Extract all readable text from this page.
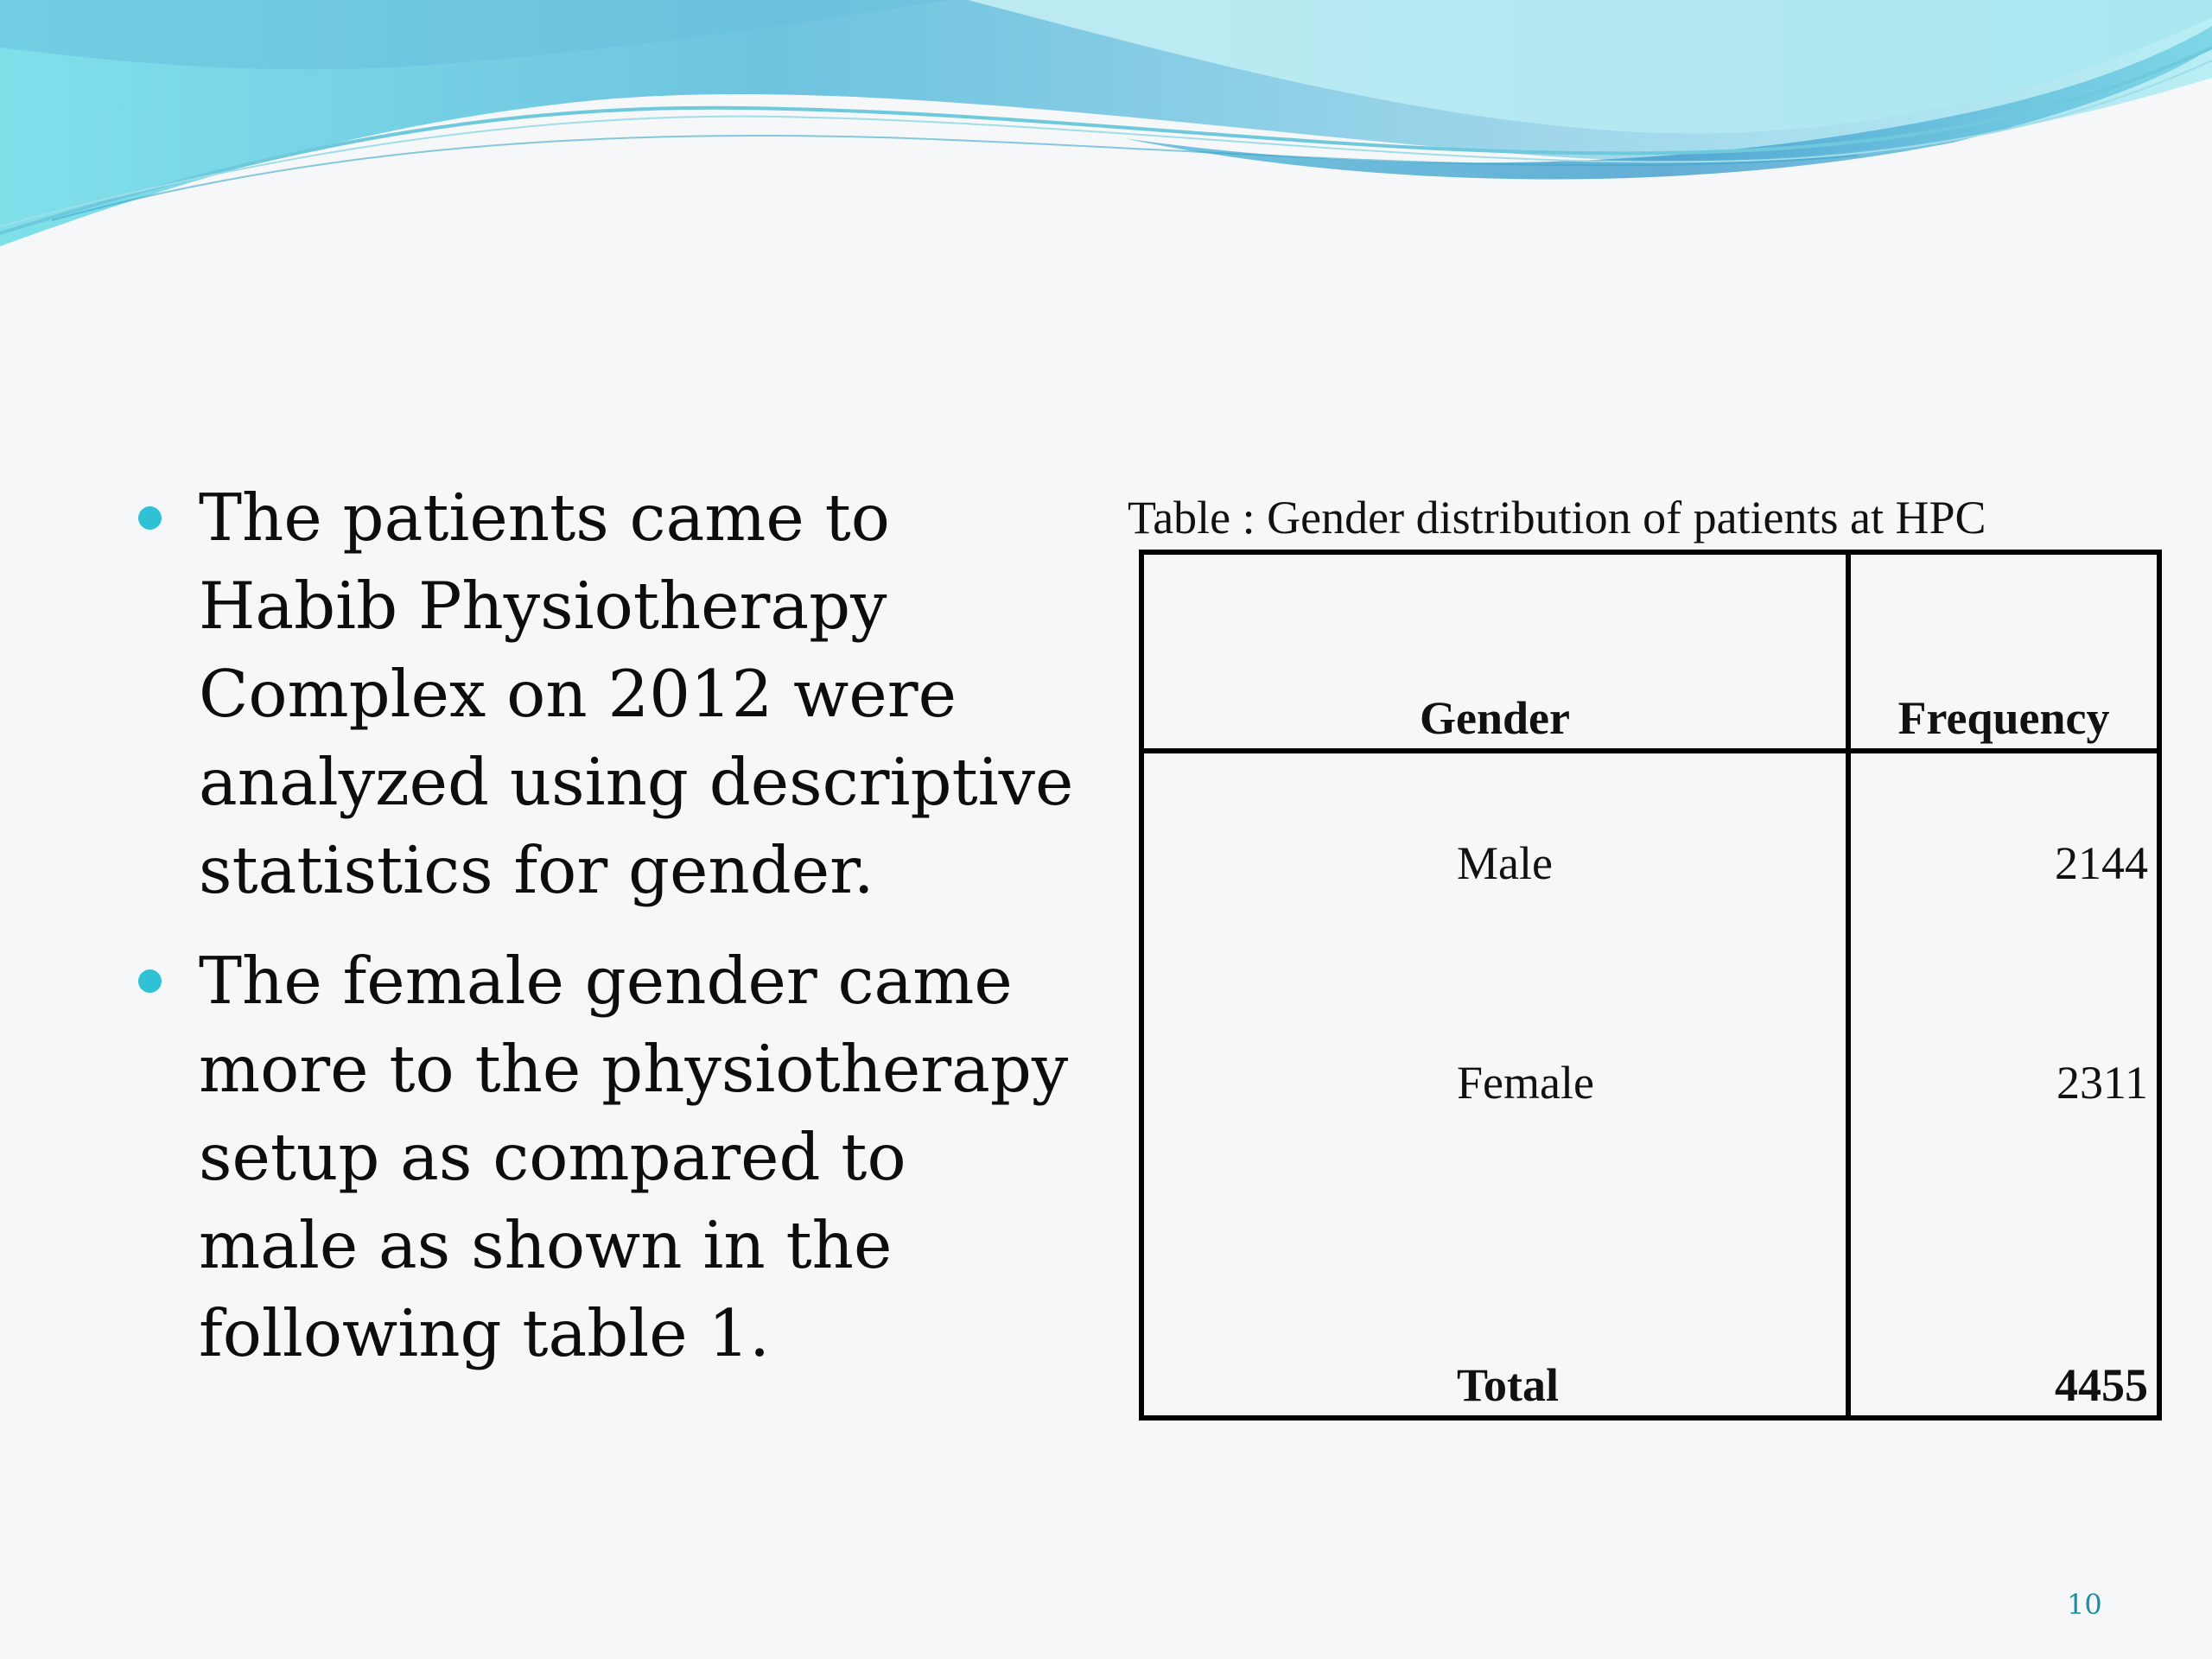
The patients came to Habib Physiotherapy Complex on 2012 were analyzed using descriptive statistics for gender.
The female gender came more to the physiotherapy setup as compared to male as shown in the following table 1.
Table : Gender distribution of patients at HPC
Gender	Frequency
Male	2144
Female	2311
Total	4455
10
